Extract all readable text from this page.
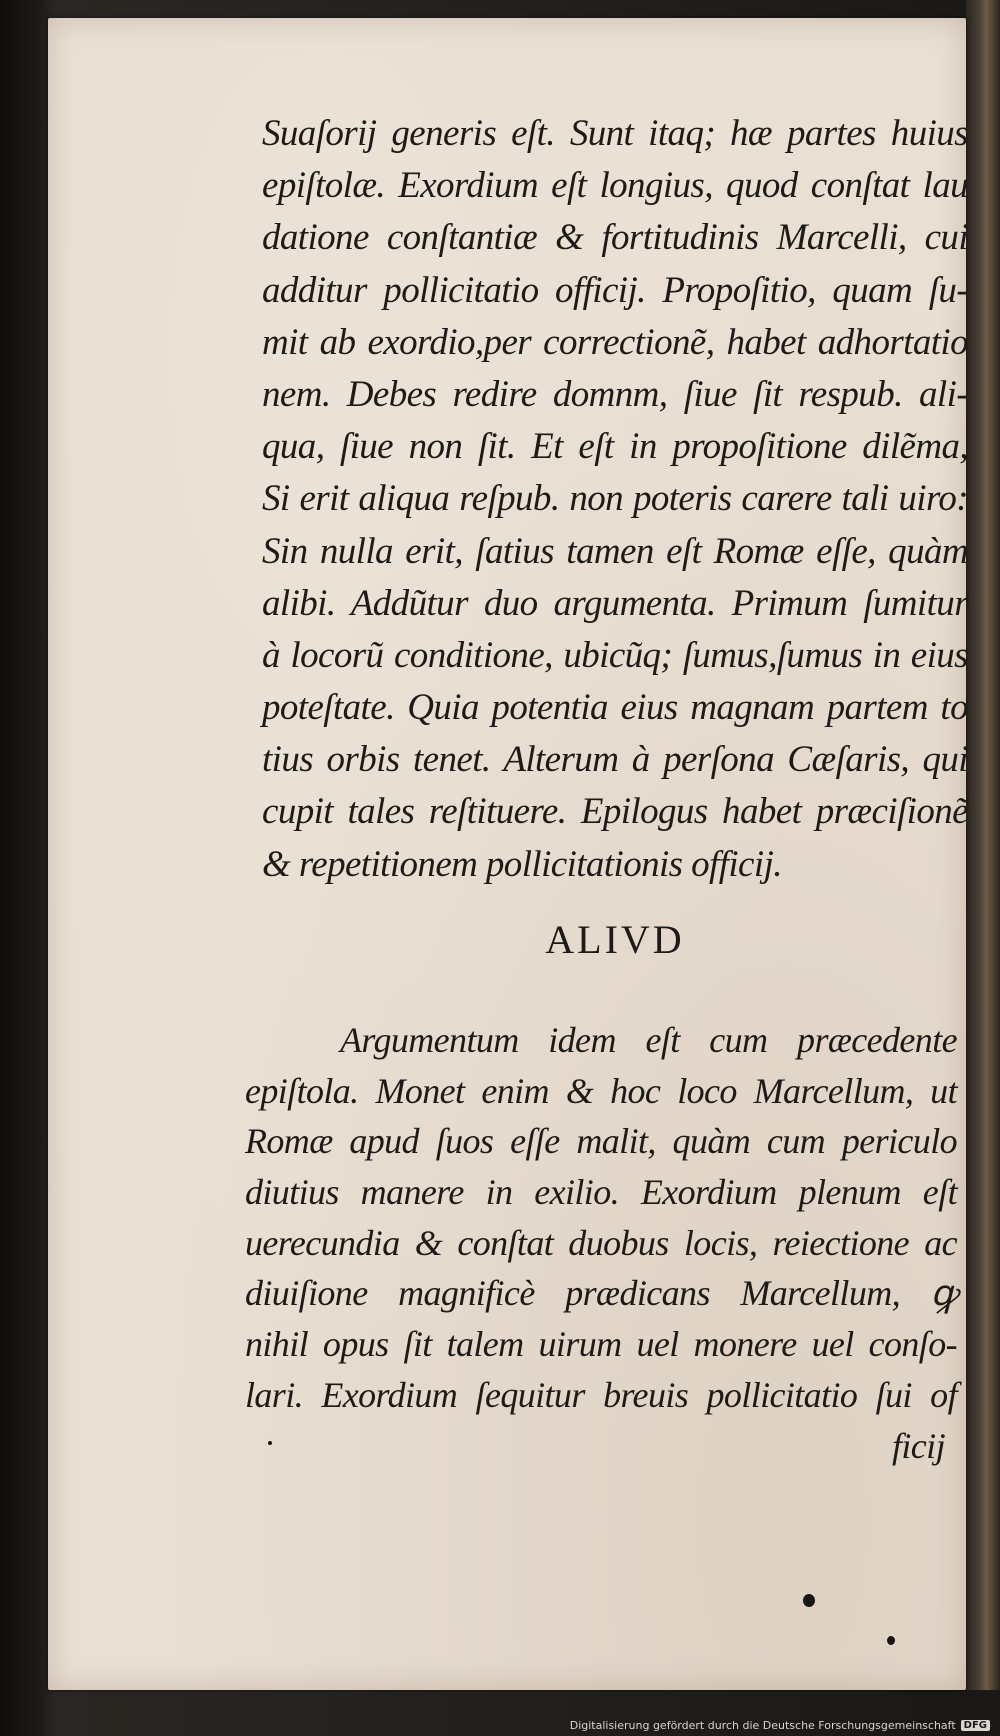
Suaſorij generis eſt. Sunt itaq; hæ partes huius
epiſtolæ. Exordium eſt longius, quod conſtat lau
datione conſtantiæ & fortitudinis Marcelli, cui
additur pollicitatio officij. Propoſitio, quam ſu-
mit ab exordio,per correctionẽ, habet adhortatio
nem. Debes redire domnm, ſiue ſit respub. ali-
qua, ſiue non ſit. Et eſt in propoſitione dilẽma,
Si erit aliqua reſpub. non poteris carere tali uiro:
Sin nulla erit, ſatius tamen eſt Romæ eſſe, quàm
alibi. Addũtur duo argumenta. Primum ſumitur
à locorũ conditione, ubicũq; ſumus,ſumus in eius
poteſtate. Quia potentia eius magnam partem to
tius orbis tenet. Alterum à perſona Cæſaris, qui
cupit tales reſtituere. Epilogus habet præciſionẽ
& repetitionem pollicitationis officij.
ALIVD
Argumentum idem eſt cum præcedente
epiſtola. Monet enim & hoc loco Marcellum, ut
Romæ apud ſuos eſſe malit, quàm cum periculo
diutius manere in exilio. Exordium plenum eſt
uerecundia & conſtat duobus locis, reiectione ac
diuiſione magnificè prædicans Marcellum, ꝙ
nihil opus ſit talem uirum uel monere uel conſo-
lari. Exordium ſequitur breuis pollicitatio ſui of
ficij
Digitalisierung gefördert durch die Deutsche Forschungsgemeinschaft DFG
